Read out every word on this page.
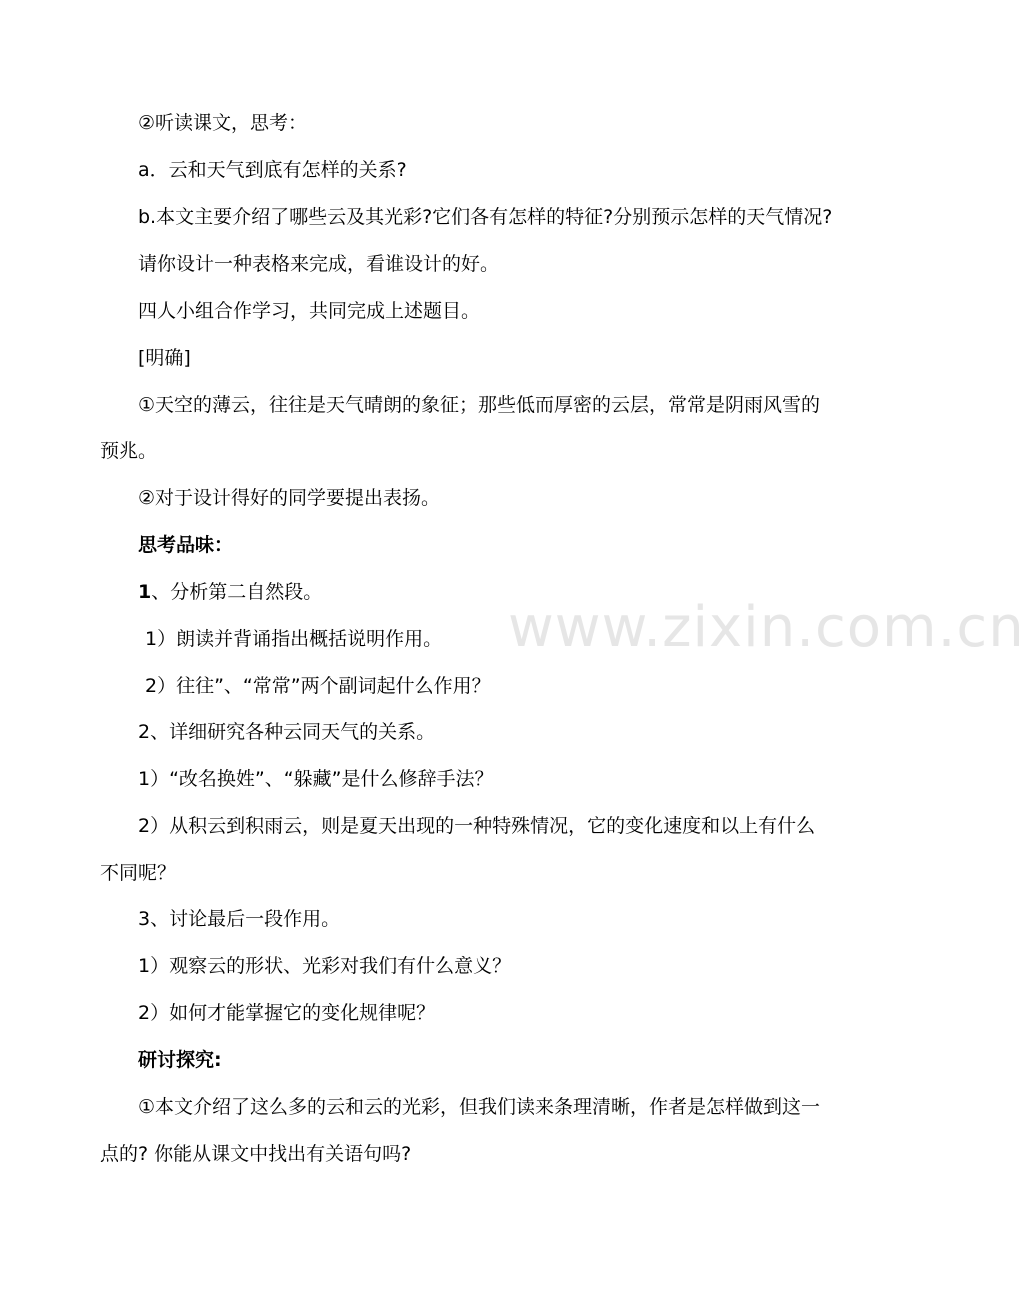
www.zixin.com.cn

②听读课文，思考：

a．云和天气到底有怎样的关系?

b.本文主要介绍了哪些云及其光彩?它们各有怎样的特征?分别预示怎样的天气情况?

请你设计一种表格来完成，看谁设计的好。

四人小组合作学习，共同完成上述题目。

[明确]

①天空的薄云，往往是天气晴朗的象征；那些低而厚密的云层，常常是阴雨风雪的

预兆。

②对于设计得好的同学要提出表扬。

思考品味：

1、分析第二自然段。

1）朗读并背诵指出概括说明作用。

2）往往”、“常常”两个副词起什么作用？

2、详细研究各种云同天气的关系。

1）“改名换姓”、“躲藏”是什么修辞手法？

2）从积云到积雨云，则是夏天出现的一种特殊情况，它的变化速度和以上有什么

不同呢？

3、讨论最后一段作用。

1）观察云的形状、光彩对我们有什么意义？

2）如何才能掌握它的变化规律呢？

研讨探究:

①本文介绍了这么多的云和云的光彩，但我们读来条理清晰，作者是怎样做到这一

点的? 你能从课文中找出有关语句吗?
